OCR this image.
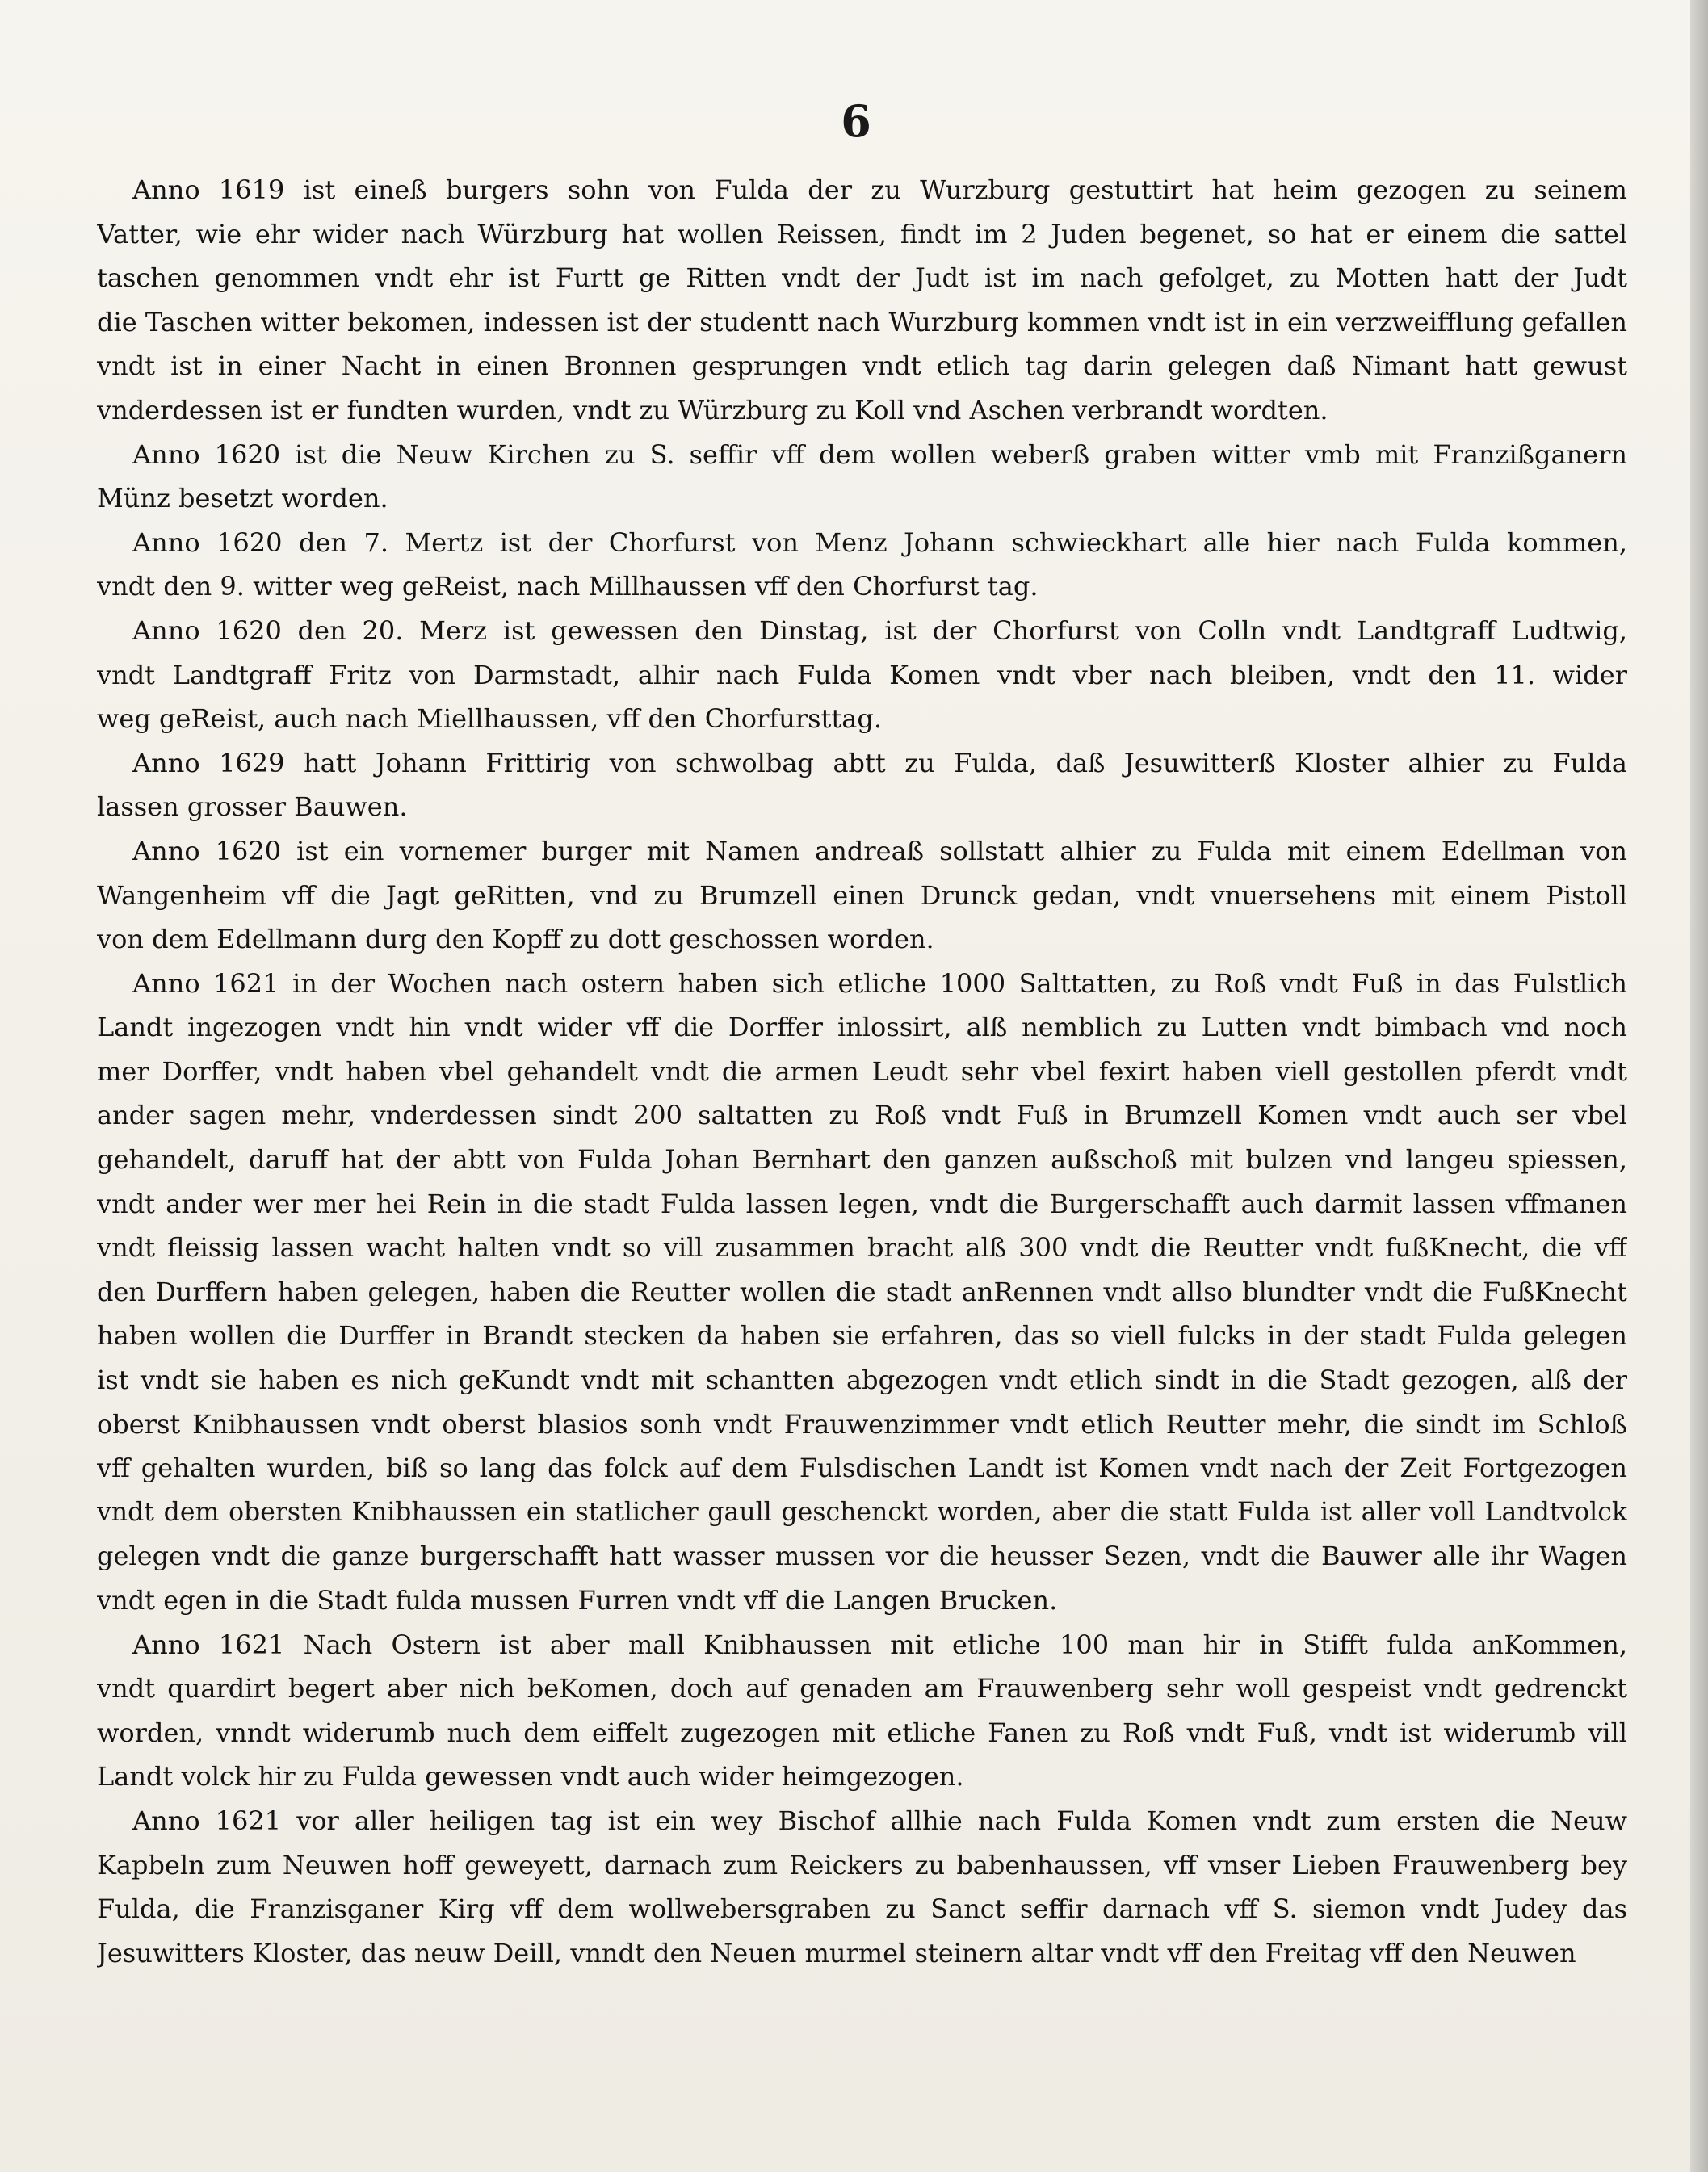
6
Anno 1619 ist eineß burgers sohn von Fulda der zu Wurzburg gestuttirt hat heim gezogen zu seinem
Vatter, wie ehr wider nach Würzburg hat wollen Reissen, findt im 2 Juden begenet, so hat er einem die sattel
taschen genommen vndt ehr ist Furtt ge Ritten vndt der Judt ist im nach gefolget, zu Motten hatt der Judt
die Taschen witter bekomen, indessen ist der studentt nach Wurzburg kommen vndt ist in ein verzweifflung gefallen
vndt ist in einer Nacht in einen Bronnen gesprungen vndt etlich tag darin gelegen daß Nimant hatt gewust
vnderdessen ist er fundten wurden, vndt zu Würzburg zu Koll vnd Aschen verbrandt wordten.
Anno 1620 ist die Neuw Kirchen zu S. seffir vff dem wollen weberß graben witter vmb mit Franzißganern
Münz besetzt worden.
Anno 1620 den 7. Mertz ist der Chorfurst von Menz Johann schwieckhart alle hier nach Fulda kommen,
vndt den 9. witter weg geReist, nach Millhaussen vff den Chorfurst tag.
Anno 1620 den 20. Merz ist gewessen den Dinstag, ist der Chorfurst von Colln vndt Landtgraff Ludtwig,
vndt Landtgraff Fritz von Darmstadt, alhir nach Fulda Komen vndt vber nach bleiben, vndt den 11. wider
weg geReist, auch nach Miellhaussen, vff den Chorfursttag.
Anno 1629 hatt Johann Frittirig von schwolbag abtt zu Fulda, daß Jesuwitterß Kloster alhier zu Fulda
lassen grosser Bauwen.
Anno 1620 ist ein vornemer burger mit Namen andreaß sollstatt alhier zu Fulda mit einem Edellman von
Wangenheim vff die Jagt geRitten, vnd zu Brumzell einen Drunck gedan, vndt vnuersehens mit einem Pistoll
von dem Edellmann durg den Kopff zu dott geschossen worden.
Anno 1621 in der Wochen nach ostern haben sich etliche 1000 Salttatten, zu Roß vndt Fuß in das Fulstlich
Landt ingezogen vndt hin vndt wider vff die Dorffer inlossirt, alß nemblich zu Lutten vndt bimbach vnd noch
mer Dorffer, vndt haben vbel gehandelt vndt die armen Leudt sehr vbel fexirt haben viell gestollen pferdt vndt
ander sagen mehr, vnderdessen sindt 200 saltatten zu Roß vndt Fuß in Brumzell Komen vndt auch ser vbel
gehandelt, daruff hat der abtt von Fulda Johan Bernhart den ganzen außschoß mit bulzen vnd langeu spiessen,
vndt ander wer mer hei Rein in die stadt Fulda lassen legen, vndt die Burgerschafft auch darmit lassen vffmanen
vndt fleissig lassen wacht halten vndt so vill zusammen bracht alß 300 vndt die Reutter vndt fußKnecht, die vff
den Durffern haben gelegen, haben die Reutter wollen die stadt anRennen vndt allso blundter vndt die FußKnecht
haben wollen die Durffer in Brandt stecken da haben sie erfahren, das so viell fulcks in der stadt Fulda gelegen
ist vndt sie haben es nich geKundt vndt mit schantten abgezogen vndt etlich sindt in die Stadt gezogen, alß der
oberst Knibhaussen vndt oberst blasios sonh vndt Frauwenzimmer vndt etlich Reutter mehr, die sindt im Schloß
vff gehalten wurden, biß so lang das folck auf dem Fulsdischen Landt ist Komen vndt nach der Zeit Fortgezogen
vndt dem obersten Knibhaussen ein statlicher gaull geschenckt worden, aber die statt Fulda ist aller voll Landtvolck
gelegen vndt die ganze burgerschafft hatt wasser mussen vor die heusser Sezen, vndt die Bauwer alle ihr Wagen
vndt egen in die Stadt fulda mussen Furren vndt vff die Langen Brucken.
Anno 1621 Nach Ostern ist aber mall Knibhaussen mit etliche 100 man hir in Stifft fulda anKommen,
vndt quardirt begert aber nich beKomen, doch auf genaden am Frauwenberg sehr woll gespeist vndt gedrenckt
worden, vnndt widerumb nuch dem eiffelt zugezogen mit etliche Fanen zu Roß vndt Fuß, vndt ist widerumb vill
Landt volck hir zu Fulda gewessen vndt auch wider heimgezogen.
Anno 1621 vor aller heiligen tag ist ein wey Bischof allhie nach Fulda Komen vndt zum ersten die Neuw
Kapbeln zum Neuwen hoff geweyett, darnach zum Reickers zu babenhaussen, vff vnser Lieben Frauwenberg bey
Fulda, die Franzisganer Kirg vff dem wollwebersgraben zu Sanct seffir darnach vff S. siemon vndt Judey das
Jesuwitters Kloster, das neuw Deill, vnndt den Neuen murmel steinern altar vndt vff den Freitag vff den Neuwen
